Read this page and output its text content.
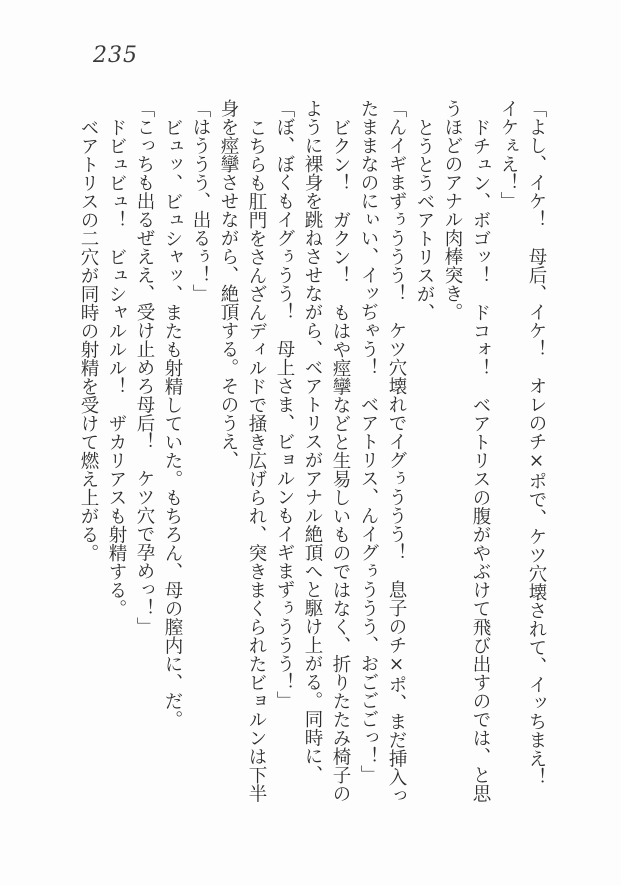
235

「よし、イケ！　母后、イケ！　オレのチ×ポで、ケツ穴壊されて、イッちまえ！

イケぇえ！」

ドチュン、ボゴッ！　ドコォ！　ベアトリスの腹がやぶけて飛び出すのでは、と思

うほどのアナル肉棒突き。

とうとうベアトリスが、

「んイギまずぅううう！　ケツ穴壊れでイグぅううう！　息子のチ×ポ、まだ挿入っ

たままなのにぃい、イッぢゃう！　ベアトリス、んイグぅううう、おごごごっ！」

ビクン！　ガクン！　もはや痙攣などと生易しいものではなく、折りたたみ椅子の

ように裸身を跳ねさせながら、ベアトリスがアナル絶頂へと駆け上がる。同時に、

「ぼ、ぼくもイグぅうう！　母上さま、ビョルンもイギまずぅううう！」

こちらも肛門をさんざんディルドで掻き広げられ、突きまくられたビョルンは下半

身を痙攣させながら、絶頂する。そのうえ、

「はううう、出るぅ！」

ビュッ、ビュシャッ、またも射精していた。もちろん、母の膣内に、だ。

「こっちも出るぜええ、受け止めろ母后！　ケツ穴で孕めっ！」

ドビュビュ！　ビュシャルルル！　ザカリアスも射精する。

ベアトリスの二穴が同時の射精を受けて燃え上がる。
